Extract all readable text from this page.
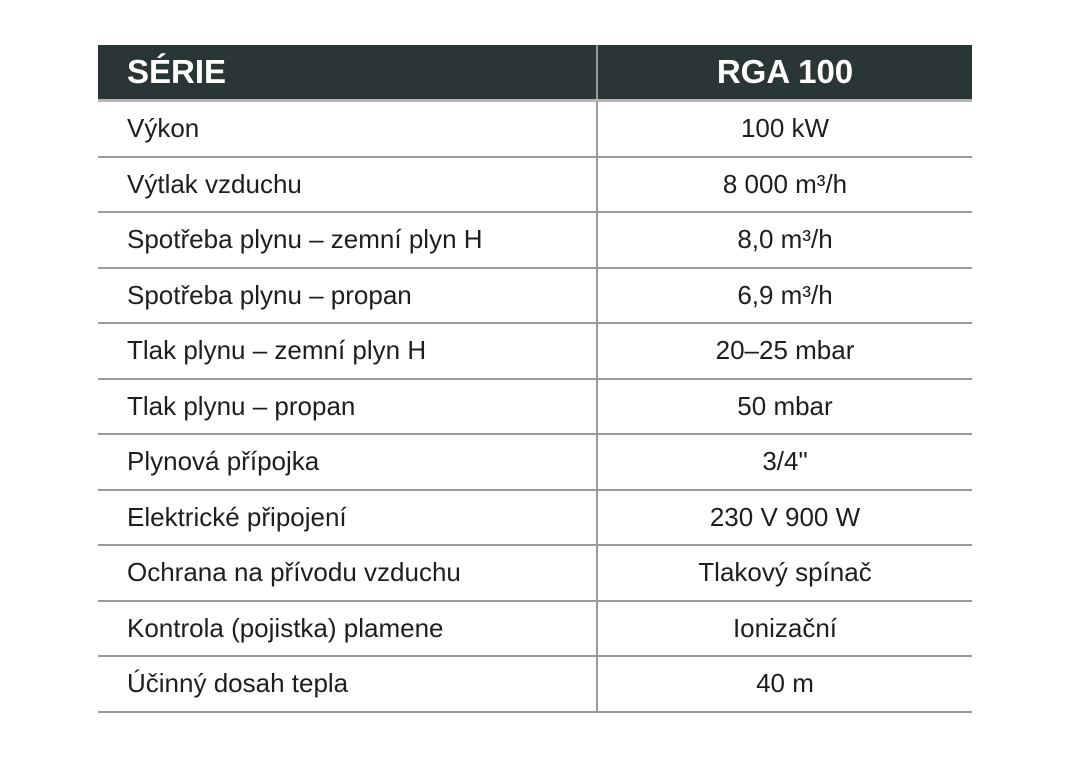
SÉRIE	RGA 100
Výkon	100 kW
Výtlak vzduchu	8 000 m³/h
Spotřeba plynu – zemní plyn H	8,0 m³/h
Spotřeba plynu – propan	6,9 m³/h
Tlak plynu – zemní plyn H	20–25 mbar
Tlak plynu – propan	50 mbar
Plynová přípojka	3/4"
Elektrické připojení	230 V 900 W
Ochrana na přívodu vzduchu	Tlakový spínač
Kontrola (pojistka) plamene	Ionizační
Účinný dosah tepla	40 m
